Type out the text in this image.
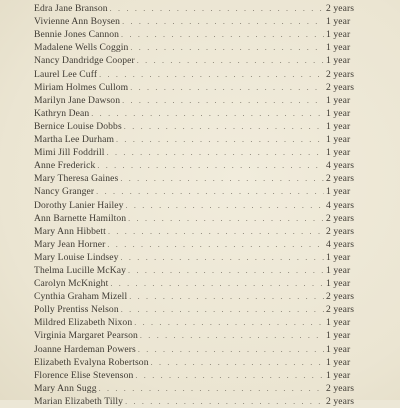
. . .
Edra Jane Branson . . .	2 years
Vivienne Ann Boysen . . .	1 year
Bennie Jones Cannon . . .	1 year
Madalene Wells Coggin . . .	1 year
Nancy Dandridge Cooper . . .	1 year
Laurel Lee Cuff . . .	2 years
Miriam Holmes Cullom . . .	2 years
Marilyn Jane Dawson . . .	1 year
Kathryn Dean . . .	1 year
Bernice Louise Dobbs . . .	1 year
Martha Lee Durham . . .	1 year
Mimi Jill Foddrill . . .	1 year
Anne Frederick . . .	4 years
Mary Theresa Gaines . . .	2 years
Nancy Granger . . .	1 year
Dorothy Lanier Hailey . . .	4 years
Ann Barnette Hamilton . . .	2 years
Mary Ann Hibbett . . .	2 years
Mary Jean Horner . . .	4 years
Mary Louise Lindsey . . .	1 year
Thelma Lucille McKay . . .	1 year
Carolyn McKnight . . .	1 year
Cynthia Graham Mizell . . .	2 years
Polly Prentiss Nelson . . .	2 years
Mildred Elizabeth Nixon . . .	1 year
Virginia Margaret Pearson . . .	1 year
Joanne Hardeman Powers . . .	1 year
Elizabeth Evalyna Robertson . . .	1 year
Florence Elise Stevenson . . .	1 year
Mary Ann Sugg . . .	2 years
Marian Elizabeth Tilly . . .	2 years
